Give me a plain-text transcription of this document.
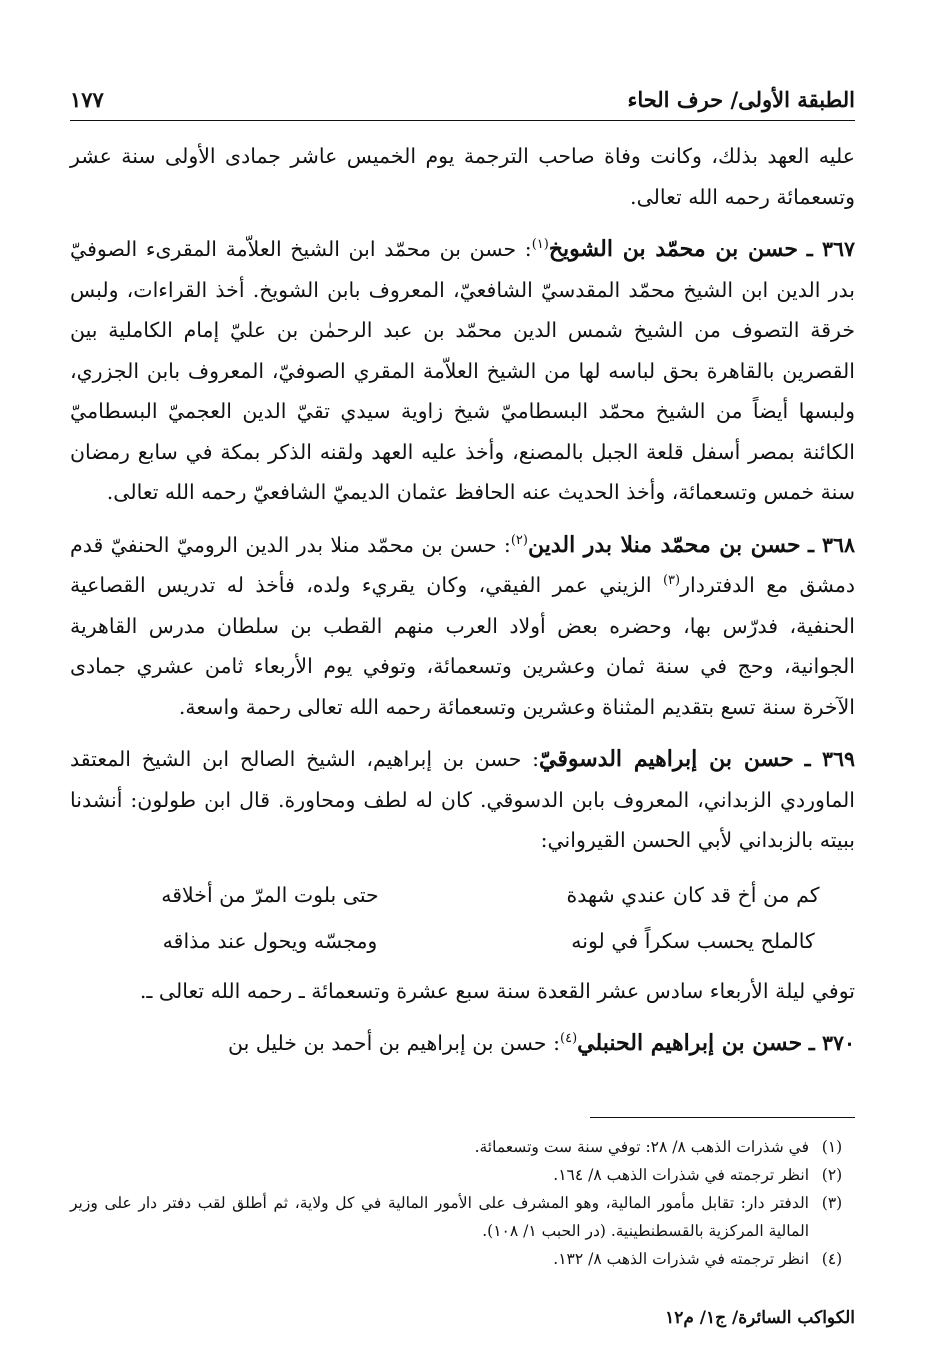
الطبقة الأولى/ حرف الحاء
١٧٧

عليه العهد بذلك، وكانت وفاة صاحب الترجمة يوم الخميس عاشر جمادى الأولى سنة عشر وتسعمائة رحمه الله تعالى.

٣٦٧ ـ حسن بن محمّد بن الشويخ$^{(١)}$: حسن بن محمّد ابن الشيخ العلاّمة المقرىء الصوفيّ بدر الدين ابن الشيخ محمّد المقدسيّ الشافعيّ، المعروف بابن الشويخ. أخذ القراءات، ولبس خرقة التصوف من الشيخ شمس الدين محمّد بن عبد الرحمٰن بن عليّ إمام الكاملية بين القصرين بالقاهرة بحق لباسه لها من الشيخ العلاّمة المقري الصوفيّ، المعروف بابن الجزري، ولبسها أيضاً من الشيخ محمّد البسطاميّ شيخ زاوية سيدي تقيّ الدين العجميّ البسطاميّ الكائنة بمصر أسفل قلعة الجبل بالمصنع، وأخذ عليه العهد ولقنه الذكر بمكة في سابع رمضان سنة خمس وتسعمائة، وأخذ الحديث عنه الحافظ عثمان الديميّ الشافعيّ رحمه الله تعالى.

٣٦٨ ـ حسن بن محمّد منلا بدر الدين$^{(٢)}$: حسن بن محمّد منلا بدر الدين الروميّ الحنفيّ قدم دمشق مع الدفتردار$^{(٣)}$ الزيني عمر الفيقي، وكان يقريء ولده، فأخذ له تدريس القصاعية الحنفية، فدرّس بها، وحضره بعض أولاد العرب منهم القطب بن سلطان مدرس القاهرية الجوانية، وحج في سنة ثمان وعشرين وتسعمائة، وتوفي يوم الأربعاء ثامن عشري جمادى الآخرة سنة تسع بتقديم المثناة وعشرين وتسعمائة رحمه الله تعالى رحمة واسعة.

٣٦٩ ـ حسن بن إبراهيم الدسوقيّ: حسن بن إبراهيم، الشيخ الصالح ابن الشيخ المعتقد الماوردي الزبداني، المعروف بابن الدسوقي. كان له لطف ومحاورة. قال ابن طولون: أنشدنا ببيته بالزبداني لأبي الحسن القيرواني:

كم من أخ قد كان عندي شهدة
حتى بلوت المرّ من أخلاقه
كالملح يحسب سكراً في لونه
ومجسّه ويحول عند مذاقه

توفي ليلة الأربعاء سادس عشر القعدة سنة سبع عشرة وتسعمائة ـ رحمه الله تعالى ـ.

٣٧٠ ـ حسن بن إبراهيم الحنبلي$^{(٤)}$: حسن بن إبراهيم بن أحمد بن خليل بن

(١)
في شذرات الذهب ٨/ ٢٨: توفي سنة ست وتسعمائة.
(٢)
انظر ترجمته في شذرات الذهب ٨/ ١٦٤.
(٣)
الدفتر دار: تقابل مأمور المالية، وهو المشرف على الأمور المالية في كل ولاية، ثم أطلق لقب دفتر دار على وزير المالية المركزية بالقسطنطينية. (در الحبب ١/ ١٠٨).
(٤)
انظر ترجمته في شذرات الذهب ٨/ ١٣٢.
الكواكب السائرة/ ج١/ م١٢
